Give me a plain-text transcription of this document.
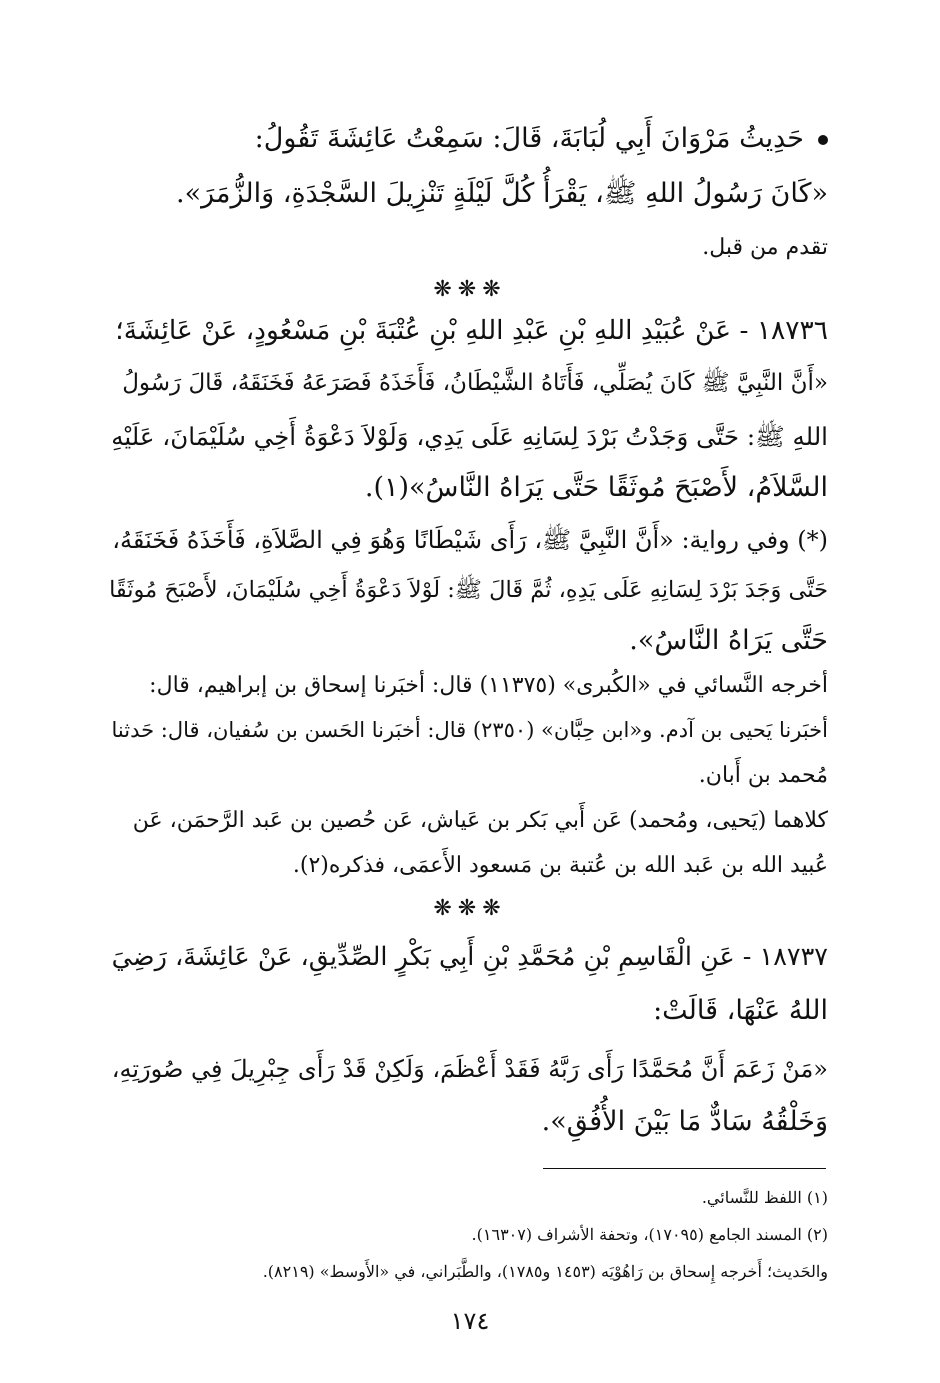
حَدِيثُ مَرْوَانَ أَبِي لُبَابَةَ، قَالَ: سَمِعْتُ عَائِشَةَ تَقُولُ:
«كَانَ رَسُولُ اللهِ ﷺ، يَقْرَأُ كُلَّ لَيْلَةٍ تَنْزِيلَ السَّجْدَةِ، وَالزُّمَرَ».
تقدم من قبل.
❋❋❋
١٨٧٣٦ - عَنْ عُبَيْدِ اللهِ بْنِ عَبْدِ اللهِ بْنِ عُتْبَةَ بْنِ مَسْعُودٍ، عَنْ عَائِشَةَ؛
«أَنَّ النَّبِيَّ ﷺ كَانَ يُصَلِّي، فَأَتَاهُ الشَّيْطَانُ، فَأَخَذَهُ فَصَرَعَهُ فَخَنَقَهُ، قَالَ رَسُولُ
اللهِ ﷺ: حَتَّى وَجَدْتُ بَرْدَ لِسَانِهِ عَلَى يَدِي، وَلَوْلاَ دَعْوَةُ أَخِي سُلَيْمَانَ، عَلَيْهِ
السَّلاَمُ، لأَصْبَحَ مُوثَقًا حَتَّى يَرَاهُ النَّاسُ»(١).
(*) وفي رواية: «أَنَّ النَّبِيَّ ﷺ، رَأَى شَيْطَانًا وَهُوَ فِي الصَّلاَةِ، فَأَخَذَهُ فَخَنَقَهُ،
حَتَّى وَجَدَ بَرْدَ لِسَانِهِ عَلَى يَدِهِ، ثُمَّ قَالَ ﷺ: لَوْلاَ دَعْوَةُ أَخِي سُلَيْمَانَ، لأَصْبَحَ مُوثَقًا
حَتَّى يَرَاهُ النَّاسُ».
أخرجه النَّسائي في «الكُبرى» (١١٣٧٥) قال: أخبَرنا إسحاق بن إبراهيم، قال:
أخبَرنا يَحيى بن آدم. و«ابن حِبَّان» (٢٣٥٠) قال: أخبَرنا الحَسن بن سُفيان، قال: حَدثنا
مُحمد بن أَبان.
كلاهما (يَحيى، ومُحمد) عَن أَبي بَكر بن عَياش، عَن حُصين بن عَبد الرَّحمَن، عَن
عُبيد الله بن عَبد الله بن عُتبة بن مَسعود الأَعمَى، فذكره(٢).
❋❋❋
١٨٧٣٧ - عَنِ الْقَاسِمِ بْنِ مُحَمَّدِ بْنِ أَبِي بَكْرٍ الصِّدِّيقِ، عَنْ عَائِشَةَ، رَضِيَ
اللهُ عَنْهَا، قَالَتْ:
«مَنْ زَعَمَ أَنَّ مُحَمَّدًا رَأَى رَبَّهُ فَقَدْ أَعْظَمَ، وَلَكِنْ قَدْ رَأَى جِبْرِيلَ فِي صُورَتِهِ،
وَخَلْقُهُ سَادٌّ مَا بَيْنَ الأُفُقِ».
(١) اللفظ للنَّسائي.
(٢) المسند الجامع (١٧٠٩٥)، وتحفة الأشراف (١٦٣٠٧).
والحَديث؛ أَخرجه إِسحاق بن رَاهُوْيَه (١٤٥٣ و١٧٨٥)، والطَّبَراني، في «الأَوسط» (٨٢١٩).
١٧٤
